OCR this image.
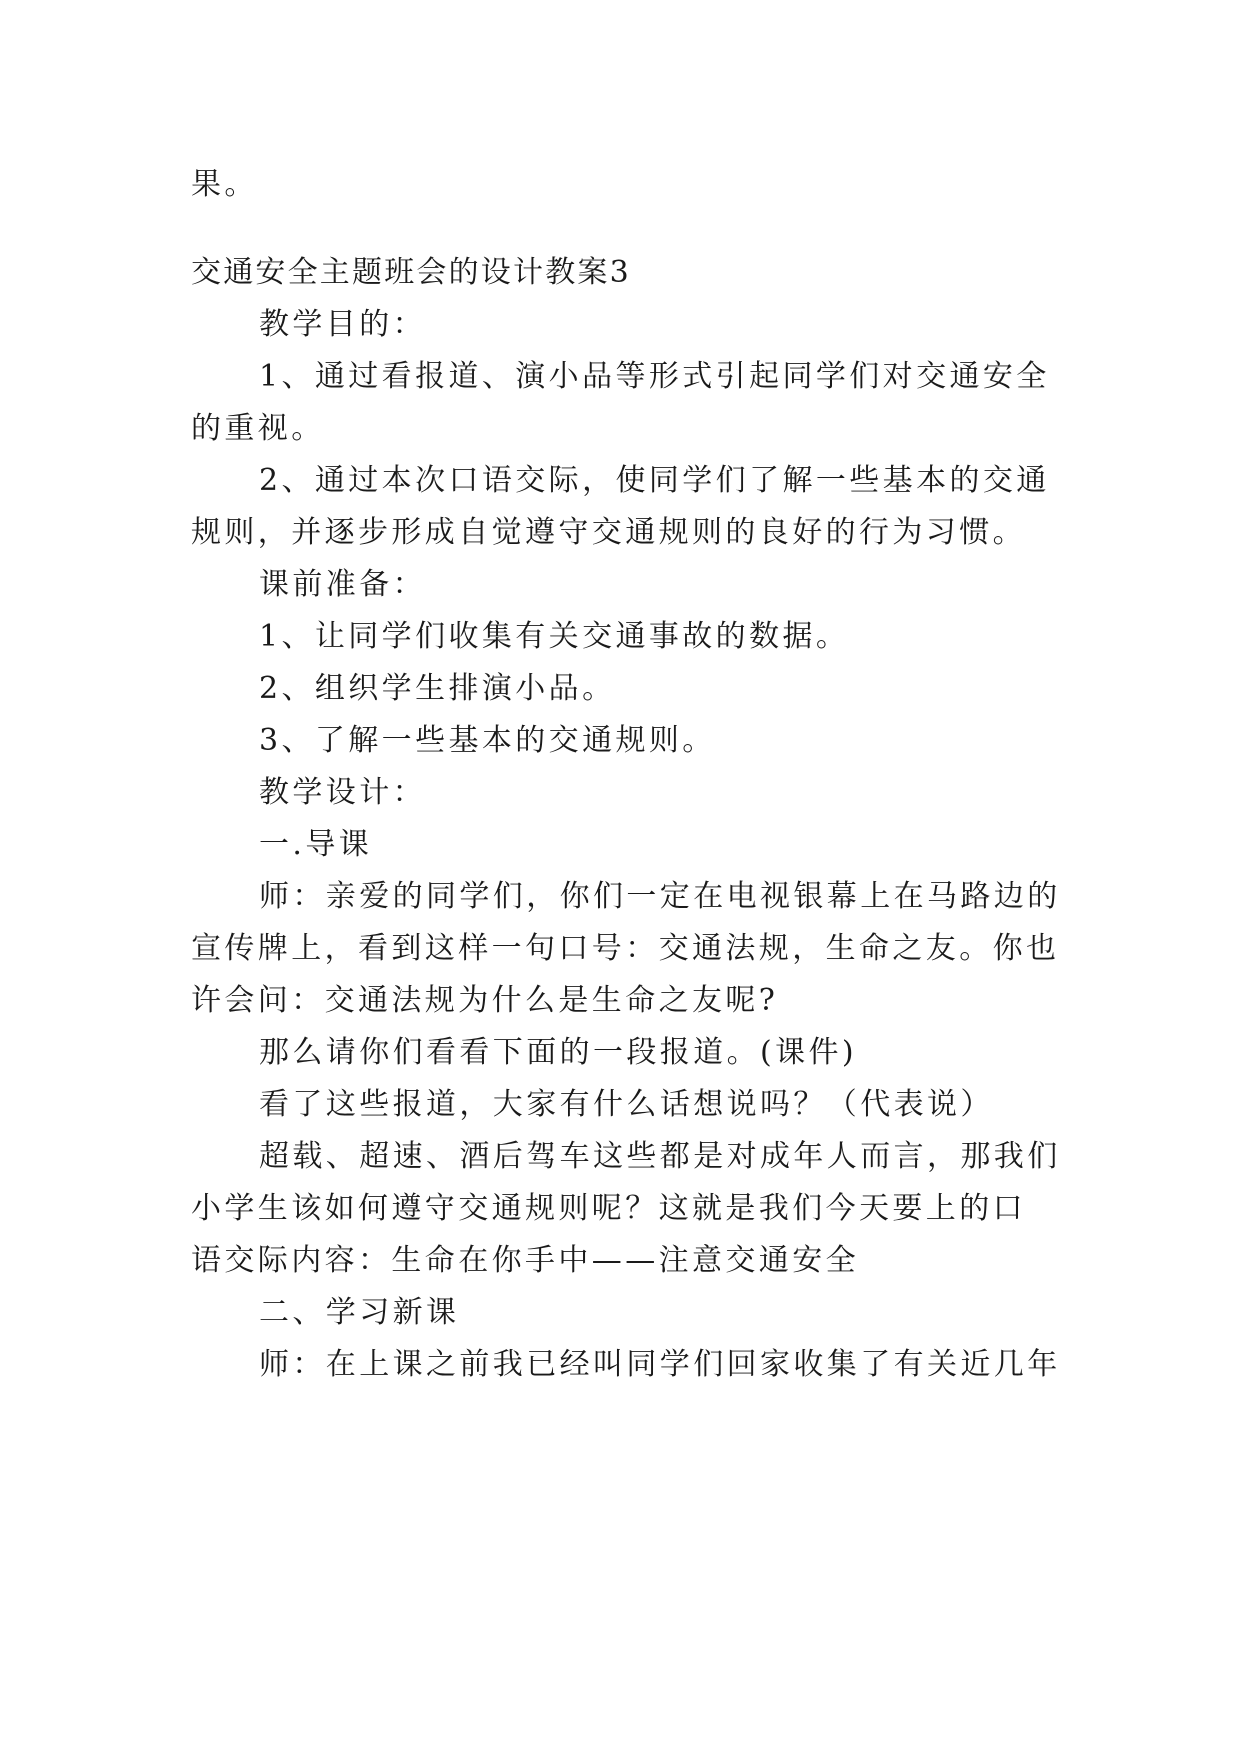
果。
交通安全主题班会的设计教案3
教学目的：
1、通过看报道、演小品等形式引起同学们对交通安全
的重视。
2、通过本次口语交际，使同学们了解一些基本的交通
规则，并逐步形成自觉遵守交通规则的良好的行为习惯。
课前准备：
1、让同学们收集有关交通事故的数据。
2、组织学生排演小品。
3、了解一些基本的交通规则。
教学设计：
一.导课
师：亲爱的同学们，你们一定在电视银幕上在马路边的
宣传牌上，看到这样一句口号：交通法规，生命之友。你也
许会问：交通法规为什么是生命之友呢?
那么请你们看看下面的一段报道。(课件)
看了这些报道，大家有什么话想说吗？（代表说）
超载、超速、酒后驾车这些都是对成年人而言，那我们
小学生该如何遵守交通规则呢？这就是我们今天要上的口
语交际内容：生命在你手中——注意交通安全
二、学习新课
师：在上课之前我已经叫同学们回家收集了有关近几年
